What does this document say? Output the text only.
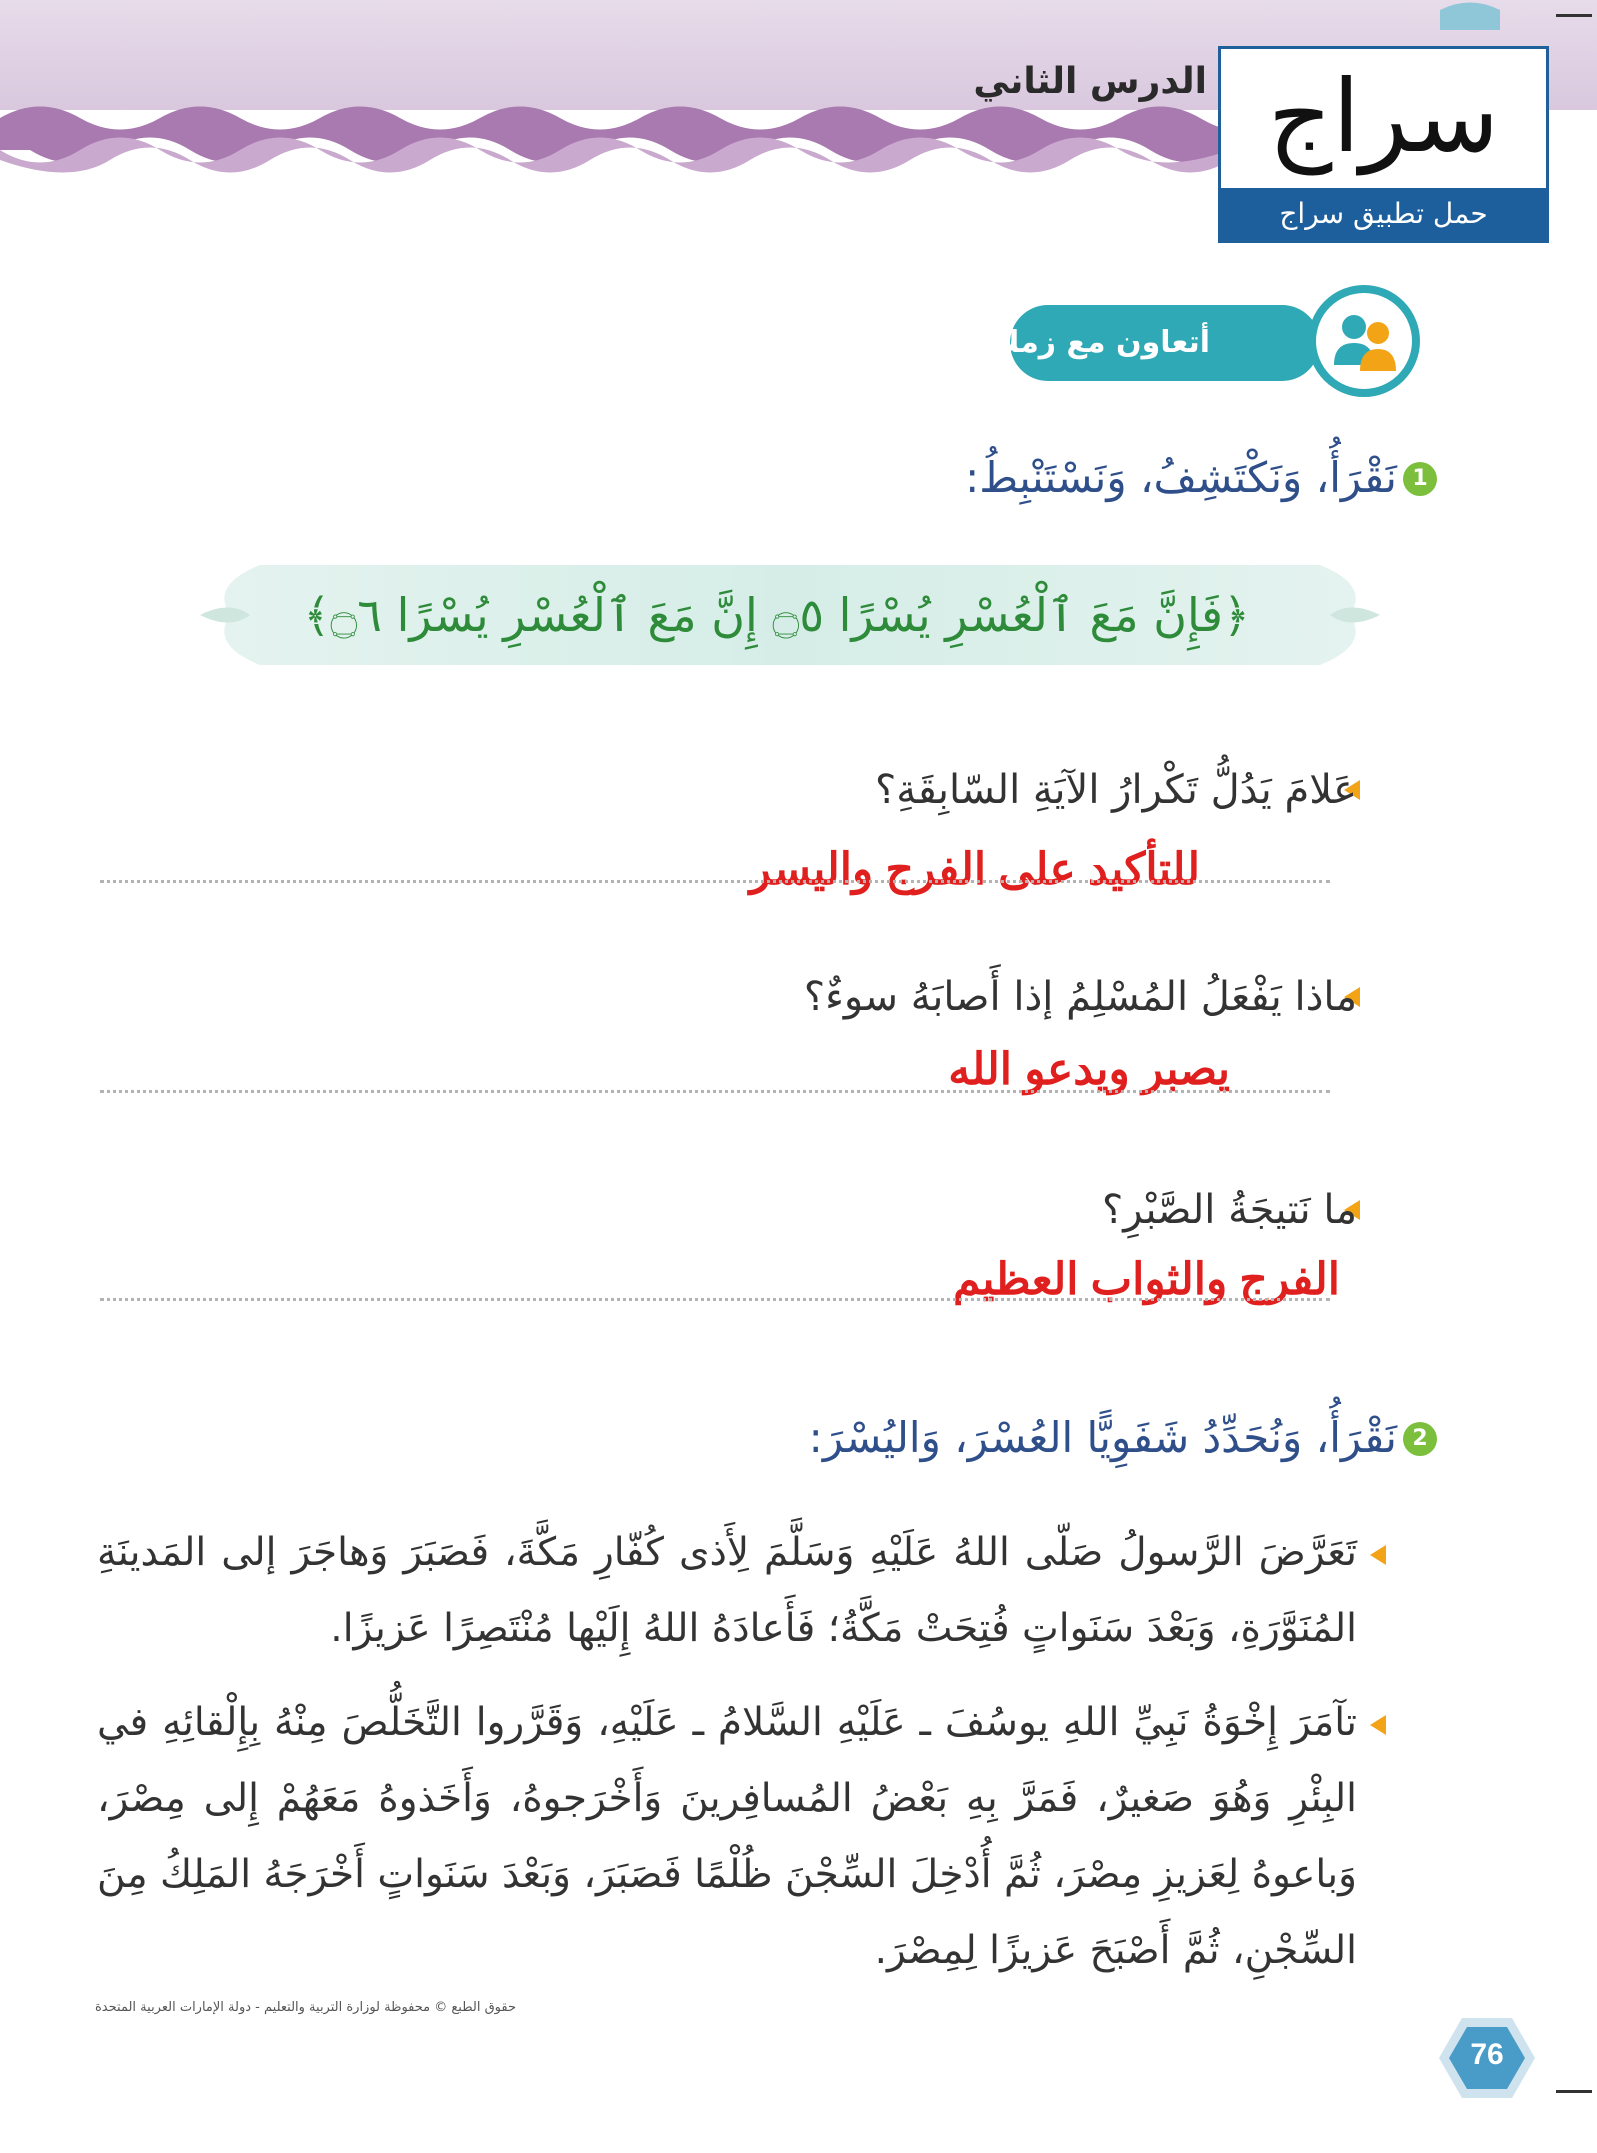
الدرس الثاني سراج
حمل تطبيق سراج
أتعاون مع زملائي:
1
نَقْرَأُ، وَنَكْتَشِفُ، وَنَسْتَنْبِطُ:
﴿فَإِنَّ مَعَ ٱلْعُسْرِ يُسْرًا ۝٥ إِنَّ مَعَ ٱلْعُسْرِ يُسْرًا ۝٦﴾
عَلامَ يَدُلُّ تَكْرارُ الآيَةِ السّابِقَةِ؟
للتأكيد على الفرج واليسر
ماذا يَفْعَلُ المُسْلِمُ إذا أَصابَهُ سوءٌ؟
يصبر ويدعو الله
ما نَتيجَةُ الصَّبْرِ؟
الفرج والثواب العظيم
2
نَقْرَأُ، وَنُحَدِّدُ شَفَوِيًّا العُسْرَ، وَاليُسْرَ:
تَعَرَّضَ الرَّسولُ صَلّى اللهُ عَلَيْهِ وَسَلَّمَ لِأَذى كُفّارِ مَكَّةَ، فَصَبَرَ وَهاجَرَ إلى المَدينَةِ المُنَوَّرَةِ، وَبَعْدَ سَنَواتٍ فُتِحَتْ مَكَّةُ؛ فَأَعادَهُ اللهُ إِلَيْها مُنْتَصِرًا عَزيزًا.
تآمَرَ إِخْوَةُ نَبِيِّ اللهِ يوسُفَ ـ عَلَيْهِ السَّلامُ ـ عَلَيْهِ، وَقَرَّروا التَّخَلُّصَ مِنْهُ بِإِلْقائِهِ في البِئْرِ وَهُوَ صَغيرٌ، فَمَرَّ بِهِ بَعْضُ المُسافِرينَ وَأَخْرَجوهُ، وَأَخَذوهُ مَعَهُمْ إِلى مِصْرَ، وَباعوهُ لِعَزيزِ مِصْرَ، ثُمَّ أُدْخِلَ السِّجْنَ ظُلْمًا فَصَبَرَ، وَبَعْدَ سَنَواتٍ أَخْرَجَهُ المَلِكُ مِنَ السِّجْنِ، ثُمَّ أَصْبَحَ عَزيزًا لِمِصْرَ.
حقوق الطبع © محفوظة لوزارة التربية والتعليم - دولة الإمارات العربية المتحدة
76
